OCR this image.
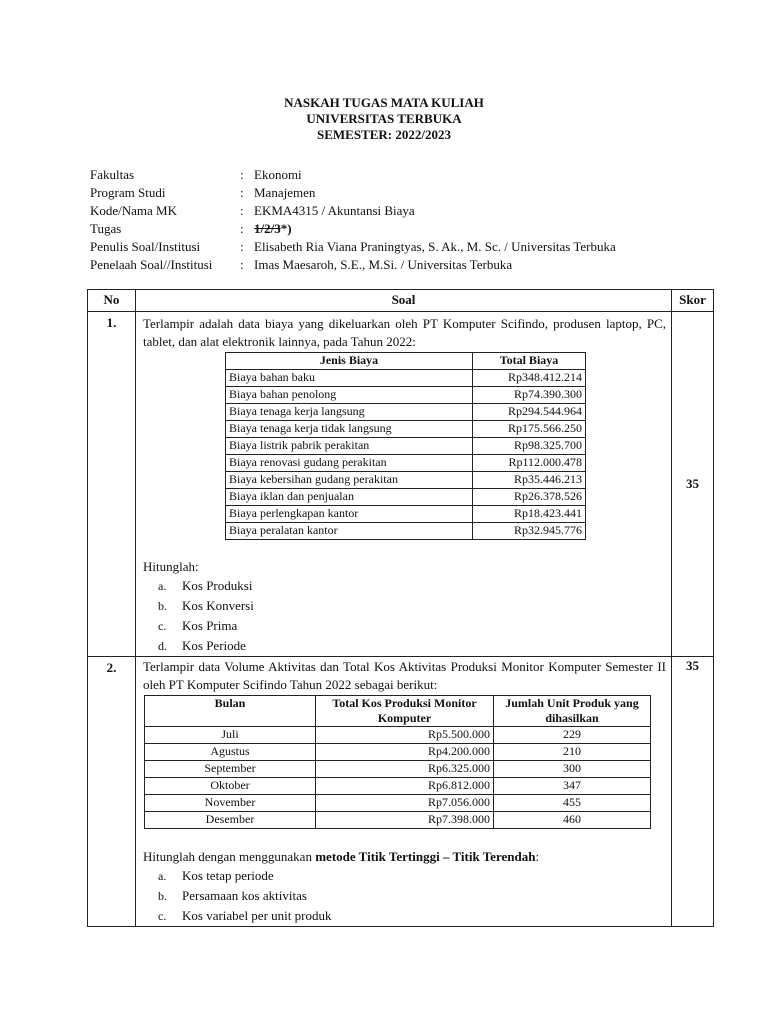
NASKAH TUGAS MATA KULIAH
UNIVERSITAS TERBUKA
SEMESTER: 2022/2023
Fakultas	:	Ekonomi
Program Studi	:	Manajemen
Kode/Nama MK	:	EKMA4315 / Akuntansi Biaya
Tugas	:	1/2/3*)
Penulis Soal/Institusi	:	Elisabeth Ria Viana Praningtyas, S. Ak., M. Sc. / Universitas Terbuka
Penelaah Soal//Institusi	:	Imas Maesaroh, S.E., M.Si. / Universitas Terbuka
No	Soal	Skor
1.	Terlampir adalah data biaya yang dikeluarkan oleh PT Komputer Scifindo, produsen laptop, PC, tablet, dan alat elektronik lainnya, pada Tahun 2022:
Jenis Biaya	Total Biaya
Biaya bahan baku	Rp348.412.214
Biaya bahan penolong	Rp74.390.300
Biaya tenaga kerja langsung	Rp294.544.964
Biaya tenaga kerja tidak langsung	Rp175.566.250
Biaya listrik pabrik perakitan	Rp98.325.700
Biaya renovasi gudang perakitan	Rp112.000.478
Biaya kebersihan gudang perakitan	Rp35.446.213
Biaya iklan dan penjualan	Rp26.378.526
Biaya perlengkapan kantor	Rp18.423.441
Biaya peralatan kantor	Rp32.945.776
Hitunglah:
a. Kos Produksi
b. Kos Konversi
c. Kos Prima
d. Kos Periode
	35
2.	Terlampir data Volume Aktivitas dan Total Kos Aktivitas Produksi Monitor Komputer Semester II oleh PT Komputer Scifindo Tahun 2022 sebagai berikut:
Bulan	Total Kos Produksi Monitor Komputer	Jumlah Unit Produk yang dihasilkan
Juli	Rp5.500.000	229
Agustus	Rp4.200.000	210
September	Rp6.325.000	300
Oktober	Rp6.812.000	347
November	Rp7.056.000	455
Desember	Rp7.398.000	460
Hitunglah dengan menggunakan metode Titik Tertinggi – Titik Terendah:
a. Kos tetap periode
b. Persamaan kos aktivitas
c. Kos variabel per unit produk
	35
